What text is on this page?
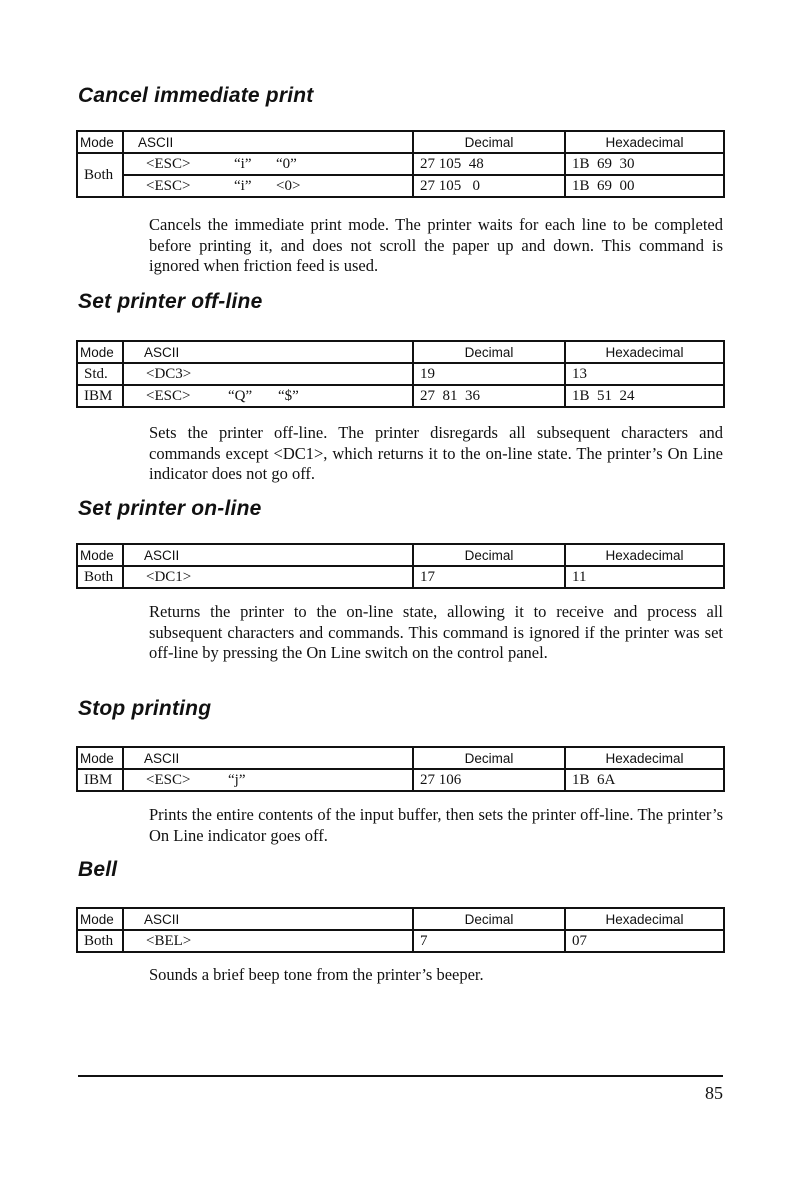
Cancel immediate print
Mode	ASCII	Decimal	Hexadecimal
Both	<ESC> “i” “0”	27 105  48	1B  69  30
	<ESC> “i” <0>	27 105   0	1B  69  00

Cancels the immediate print mode. The printer waits for each line to be completed before printing it, and does not scroll the paper up and down. This command is ignored when friction feed is used.

Set printer off-line
Mode	ASCII	Decimal	Hexadecimal
Std.	<DC3>	19	13
IBM	<ESC> “Q” “$”	27  81  36	1B  51  24

Sets the printer off-line. The printer disregards all subsequent characters and commands except <DC1>, which returns it to the on-line state. The printer’s On Line indicator does not go off.

Set printer on-line
Mode	ASCII	Decimal	Hexadecimal
Both	<DC1>	17	11

Returns the printer to the on-line state, allowing it to receive and process all subsequent characters and commands. This command is ignored if the printer was set off-line by pressing the On Line switch on the control panel.

Stop printing
Mode	ASCII	Decimal	Hexadecimal
IBM	<ESC> “j”	27 106	1B  6A

Prints the entire contents of the input buffer, then sets the printer off-line. The printer’s On Line indicator goes off.

Bell
Mode	ASCII	Decimal	Hexadecimal
Both	<BEL>	7	07

Sounds a brief beep tone from the printer’s beeper.

85
